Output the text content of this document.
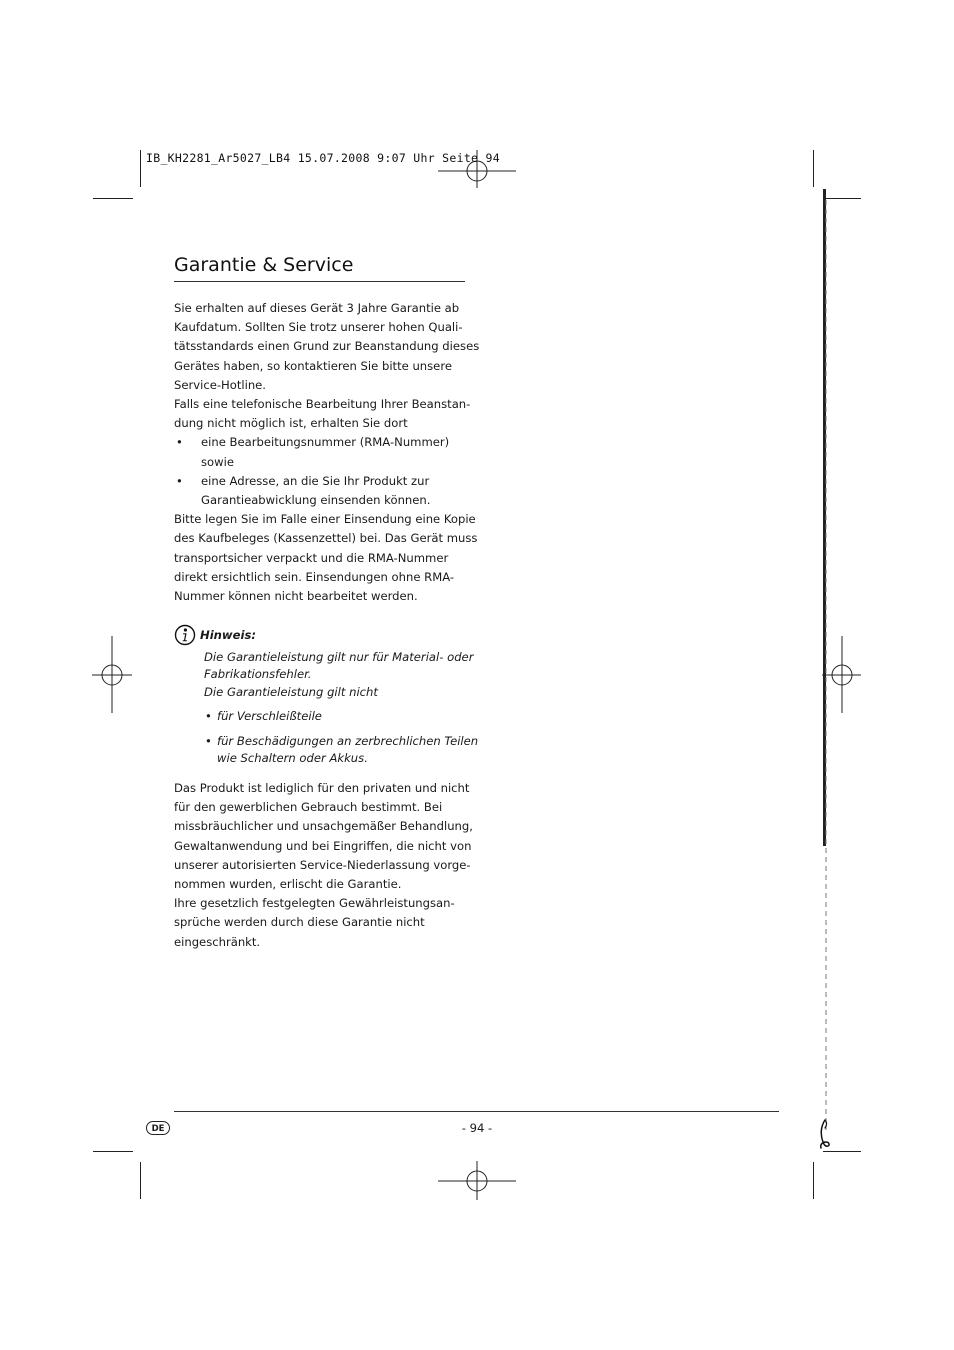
IB_KH2281_Ar5027_LB4 15.07.2008 9:07 Uhr Seite 94
Garantie & Service

Sie erhalten auf dieses Gerät 3 Jahre Garantie ab

Kaufdatum. Sollten Sie trotz unserer hohen Quali-

tätsstandards einen Grund zur Beanstandung dieses

Gerätes haben, so kontaktieren Sie bitte unsere

Service-Hotline.

Falls eine telefonische Bearbeitung Ihrer Beanstan-

dung nicht möglich ist, erhalten Sie dort

• eine Bearbeitungsnummer (RMA-Nummer)
sowie
• eine Adresse, an die Sie Ihr Produkt zur
Garantieabwicklung einsenden können.

Bitte legen Sie im Falle einer Einsendung eine Kopie

des Kaufbeleges (Kassenzettel) bei. Das Gerät muss

transportsicher verpackt und die RMA-Nummer

direkt ersichtlich sein. Einsendungen ohne RMA-

Nummer können nicht bearbeitet werden.

Hinweis:

Die Garantieleistung gilt nur für Material- oder

Fabrikationsfehler.

Die Garantieleistung gilt nicht

• für Verschleißteile
• für Beschädigungen an zerbrechlichen Teilen
wie Schaltern oder Akkus.

Das Produkt ist lediglich für den privaten und nicht

für den gewerblichen Gebrauch bestimmt. Bei

missbräuchlicher und unsachgemäßer Behandlung,

Gewaltanwendung und bei Eingriffen, die nicht von

unserer autorisierten Service-Niederlassung vorge-

nommen wurden, erlischt die Garantie.

Ihre gesetzlich festgelegten Gewährleistungsan-

sprüche werden durch diese Garantie nicht

eingeschränkt.

DE	- 94 -
